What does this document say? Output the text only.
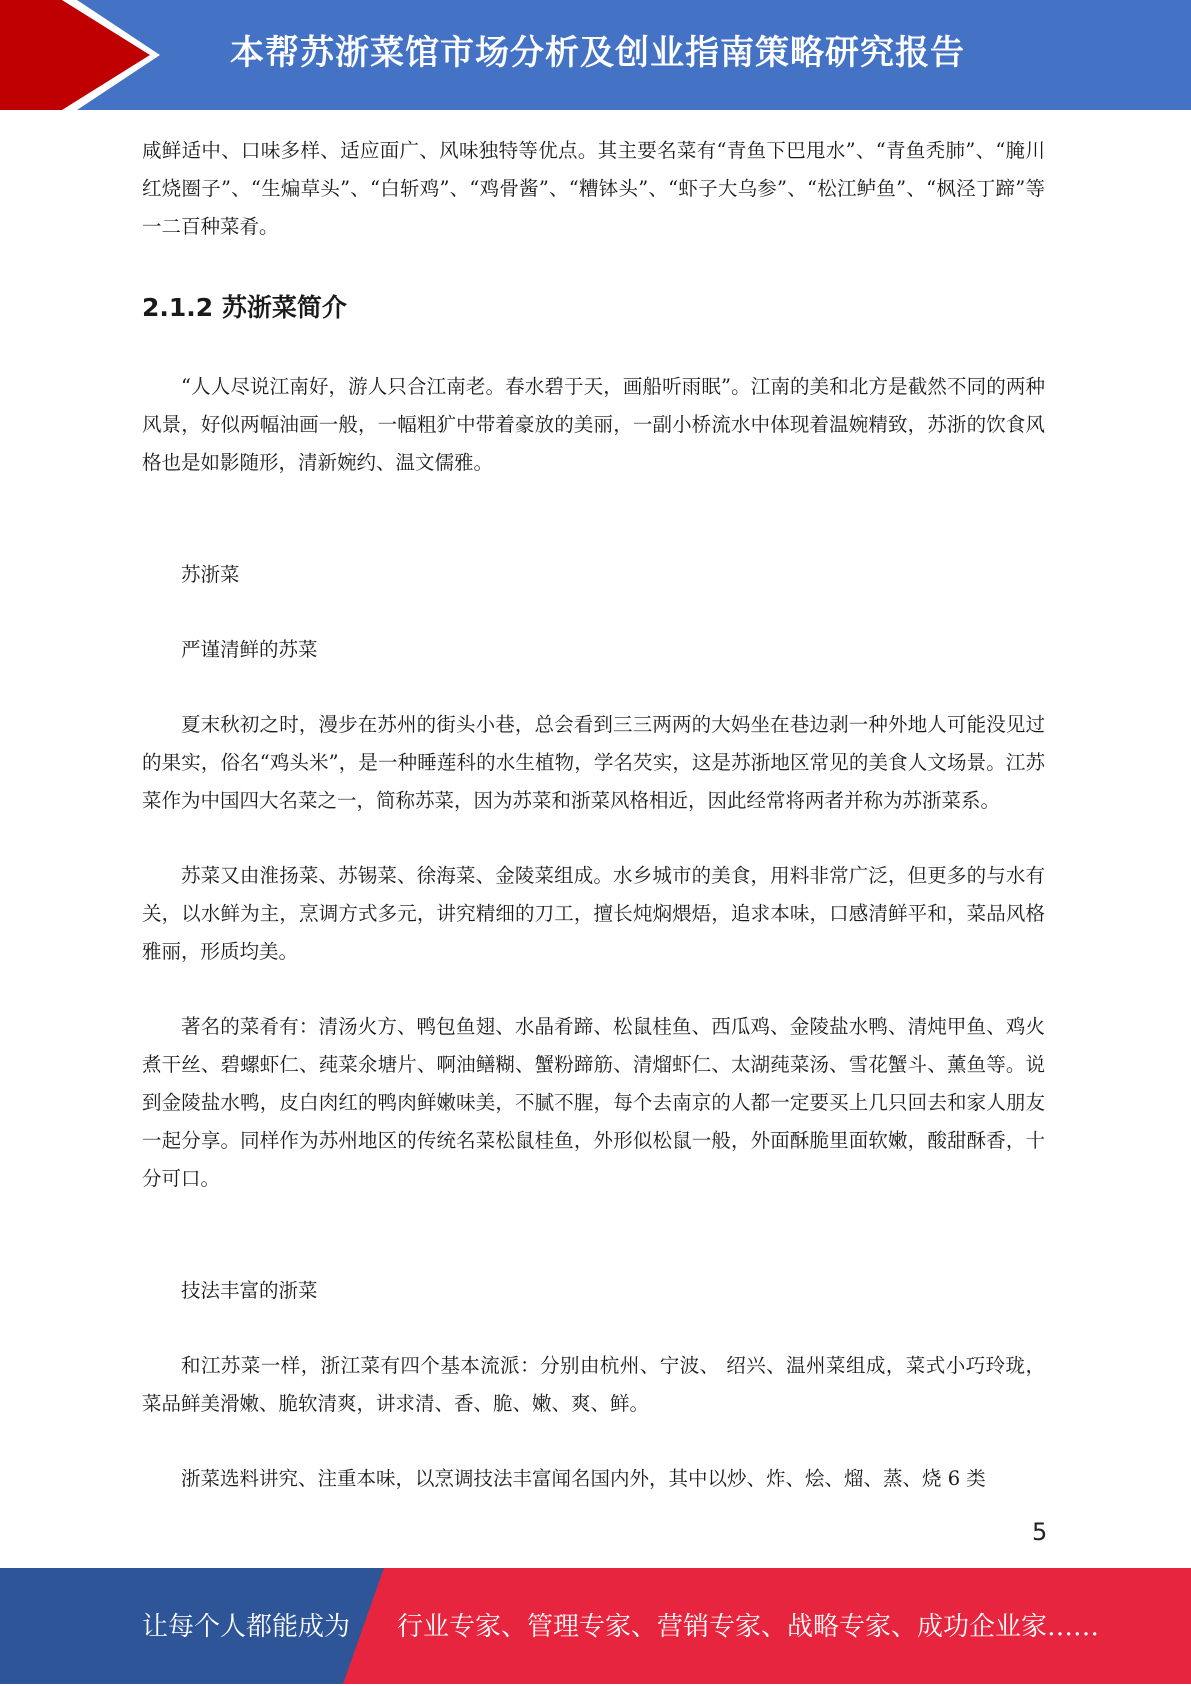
本帮苏浙菜馆市场分析及创业指南策略研究报告

咸鲜适中、口味多样、适应面广、风味独特等优点。其主要名菜有“青鱼下巴甩水”、“青鱼秃肺”、“腌川红烧圈子”、“生煸草头”、“白斩鸡”、“鸡骨酱”、“糟钵头”、“虾子大乌参”、“松江鲈鱼”、“枫泾丁蹄”等一二百种菜肴。

2.1.2 苏浙菜简介

“人人尽说江南好，游人只合江南老。春水碧于天，画船听雨眠”。江南的美和北方是截然不同的两种风景，好似两幅油画一般，一幅粗犷中带着豪放的美丽，一副小桥流水中体现着温婉精致，苏浙的饮食风格也是如影随形，清新婉约、温文儒雅。

苏浙菜

严谨清鲜的苏菜

夏末秋初之时，漫步在苏州的街头小巷，总会看到三三两两的大妈坐在巷边剥一种外地人可能没见过的果实，俗名“鸡头米”，是一种睡莲科的水生植物，学名芡实，这是苏浙地区常见的美食人文场景。江苏菜作为中国四大名菜之一，简称苏菜，因为苏菜和浙菜风格相近，因此经常将两者并称为苏浙菜系。

苏菜又由淮扬菜、苏锡菜、徐海菜、金陵菜组成。水乡城市的美食，用料非常广泛，但更多的与水有关，以水鲜为主，烹调方式多元，讲究精细的刀工，擅长炖焖煨焐，追求本味，口感清鲜平和，菜品风格雅丽，形质均美。

著名的菜肴有：清汤火方、鸭包鱼翅、水晶肴蹄、松鼠桂鱼、西瓜鸡、金陵盐水鸭、清炖甲鱼、鸡火煮干丝、碧螺虾仁、莼菜氽塘片、啊油鳝糊、蟹粉蹄筋、清熘虾仁、太湖莼菜汤、雪花蟹斗、薰鱼等。说到金陵盐水鸭，皮白肉红的鸭肉鲜嫩味美，不腻不腥，每个去南京的人都一定要买上几只回去和家人朋友一起分享。同样作为苏州地区的传统名菜松鼠桂鱼，外形似松鼠一般，外面酥脆里面软嫩，酸甜酥香，十分可口。

技法丰富的浙菜

和江苏菜一样，浙江菜有四个基本流派：分别由杭州、宁波、 绍兴、温州菜组成，菜式小巧玲珑，菜品鲜美滑嫩、脆软清爽，讲求清、香、脆、嫩、爽、鲜。

浙菜选料讲究、注重本味，以烹调技法丰富闻名国内外，其中以炒、炸、烩、熘、蒸、烧 6 类

5
让每个人都能成为 行业专家、管理专家、营销专家、战略专家、成功企业家……
